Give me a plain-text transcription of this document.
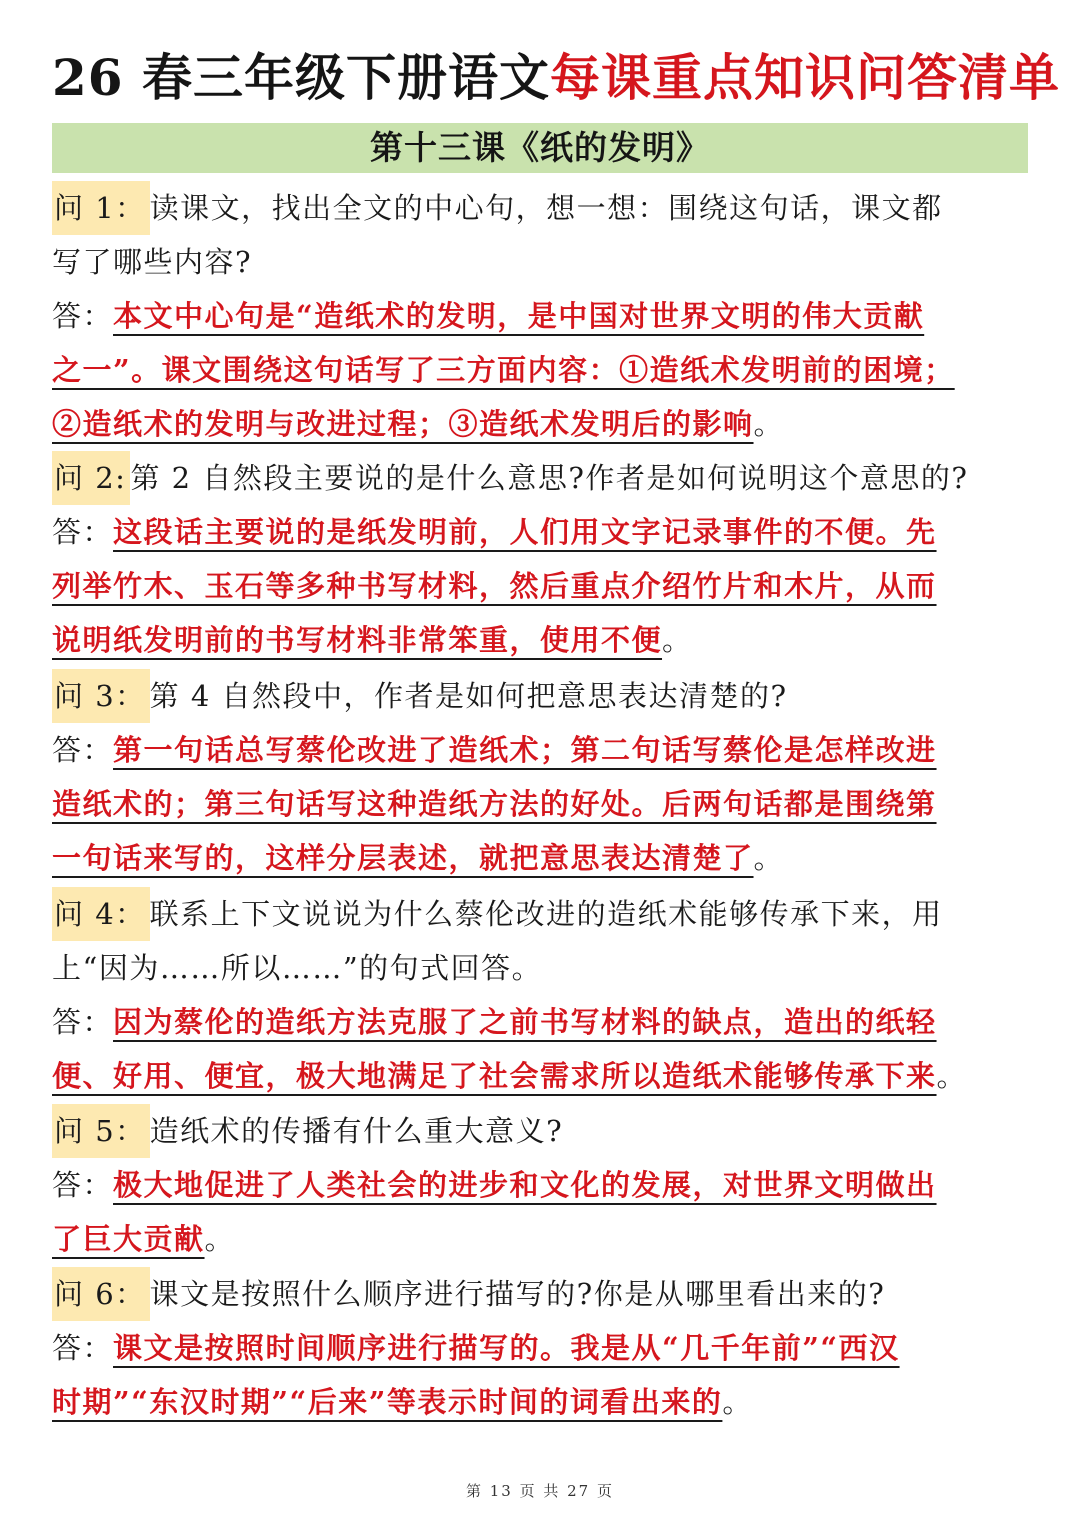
26 春三年级下册语文每课重点知识问答清单
第十三课《纸的发明》
问 1： 读课文，找出全文的中心句，想一想：围绕这句话，课文都
写了哪些内容?
答：本文中心句是“造纸术的发明，是中国对世界文明的伟大贡献
之一”。课文围绕这句话写了三方面内容：①造纸术发明前的困境；
②造纸术的发明与改进过程；③造纸术发明后的影响。
问 2: 第 2 自然段主要说的是什么意思?作者是如何说明这个意思的?
答：这段话主要说的是纸发明前，人们用文字记录事件的不便。先
列举竹木、玉石等多种书写材料，然后重点介绍竹片和木片，从而
说明纸发明前的书写材料非常笨重，使用不便。
问 3： 第 4 自然段中，作者是如何把意思表达清楚的?
答：第一句话总写蔡伦改进了造纸术；第二句话写蔡伦是怎样改进
造纸术的；第三句话写这种造纸方法的好处。后两句话都是围绕第
一句话来写的，这样分层表述，就把意思表达清楚了。
问 4： 联系上下文说说为什么蔡伦改进的造纸术能够传承下来，用
上“因为……所以……”的句式回答。
答：因为蔡伦的造纸方法克服了之前书写材料的缺点，造出的纸轻
便、好用、便宜，极大地满足了社会需求所以造纸术能够传承下来。
问 5： 造纸术的传播有什么重大意义?
答：极大地促进了人类社会的进步和文化的发展，对世界文明做出
了巨大贡献。
问 6： 课文是按照什么顺序进行描写的?你是从哪里看出来的?
答：课文是按照时间顺序进行描写的。我是从“几千年前”“西汉
时期”“东汉时期”“后来”等表示时间的词看出来的。
第 13 页 共 27 页
